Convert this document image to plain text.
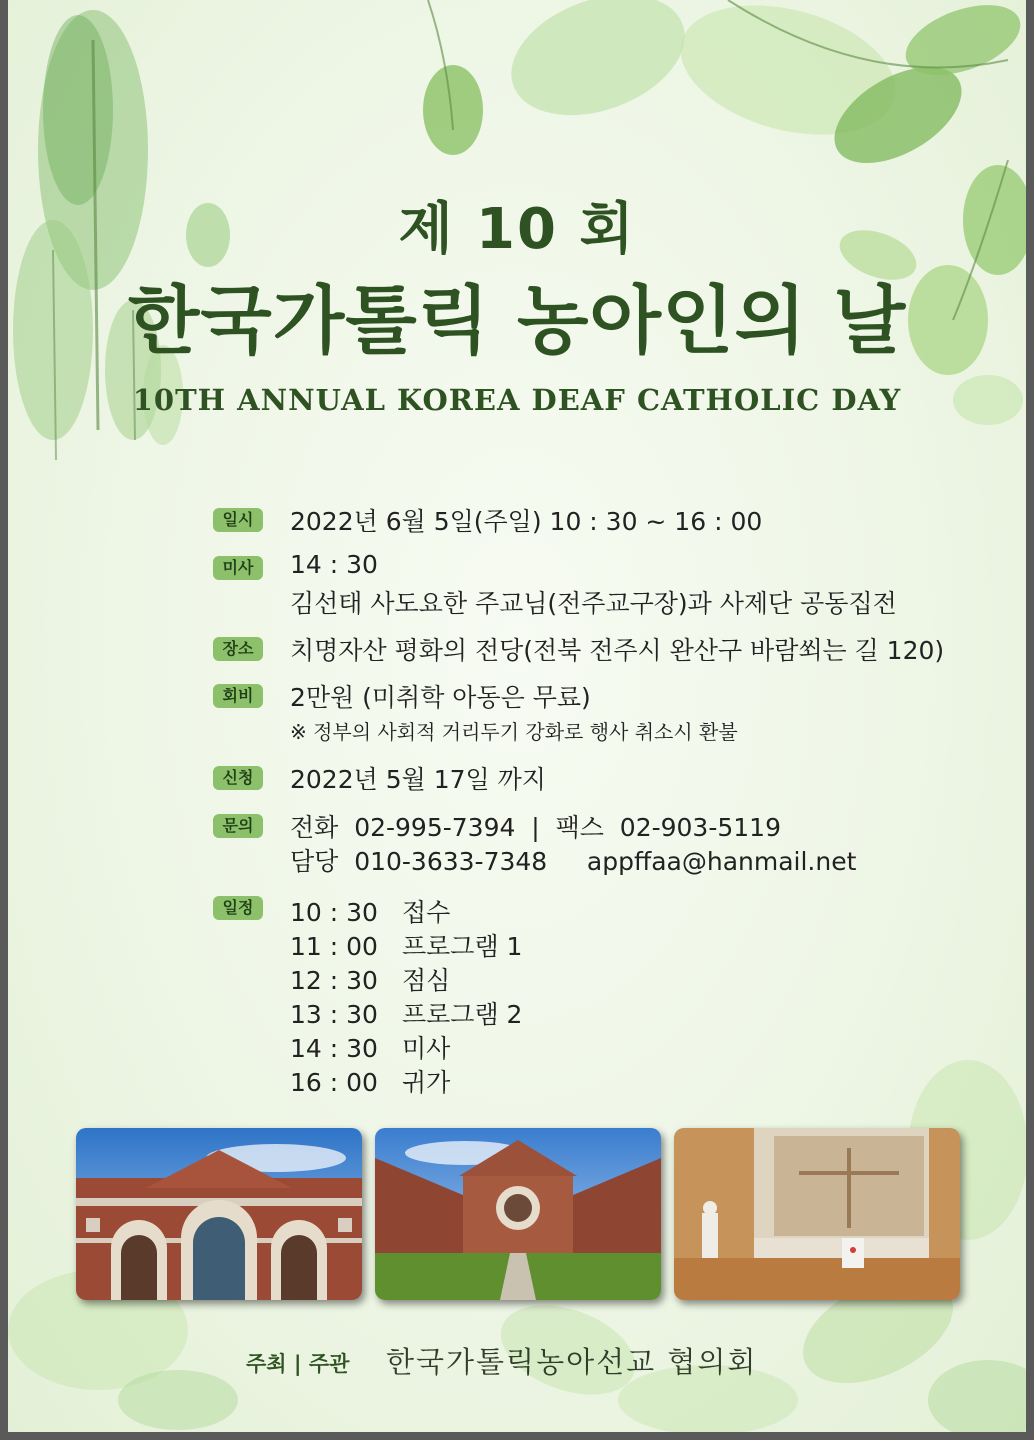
제 10 회
한국가톨릭 농아인의 날
10TH ANNUAL KOREA DEAF CATHOLIC DAY
일시	2022년 6월 5일(주일) 10 : 30 ~ 16 : 00
미사	14 : 30
김선태 사도요한 주교님(전주교구장)과 사제단 공동집전
장소	치명자산 평화의 전당(전북 전주시 완산구 바람쐬는 길 120)
회비	2만원 (미취학 아동은 무료)
※ 정부의 사회적 거리두기 강화로 행사 취소시 환불
신청	2022년 5월 17일 까지
문의	전화  02-995-7394  |  팩스  02-903-5119
담당  010-3633-7348     appffaa@hanmail.net
일정	10 : 30 접수
11 : 00 프로그램 1
12 : 30 점심
13 : 30 프로그램 2
14 : 30 미사
16 : 00 귀가
주최 | 주관 한국가톨릭농아선교 협의회
